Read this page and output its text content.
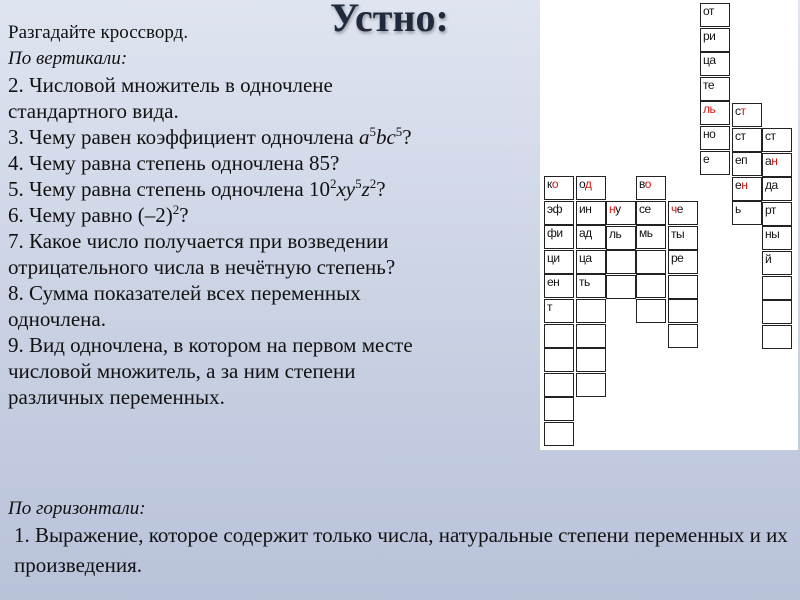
Устно:
Разгадайте кроссворд.
По вертикали:
2. Числовой множитель в одночлене
стандартного вида.
3. Чему равен коэффициент одночлена $a^5bc^5$?
4. Чему равна степень одночлена 85?
5. Чему равна степень одночлена $10^2xy^5z^2$?
6. Чему равно $(-2)^2$?
7. Какое число получается при возведении
отрицательного числа в нечётную степень?
8. Сумма показателей всех переменных
одночлена.
9. Вид одночлена, в котором на первом месте
числовой множитель, а за ним степени
различных переменных.
от
ри
ца
те
ль
но
е
ст
ст
еп
ен
ь
ст
ан
да
рт
ны
й
ко
эф
фи
ци
ен
т
од
ин
ад
ца
ть
ну
ль
во
се
мь
че
ты
ре
По горизонтали:
1. Выражение, которое содержит только числа, натуральные степени переменных и их произведения.
